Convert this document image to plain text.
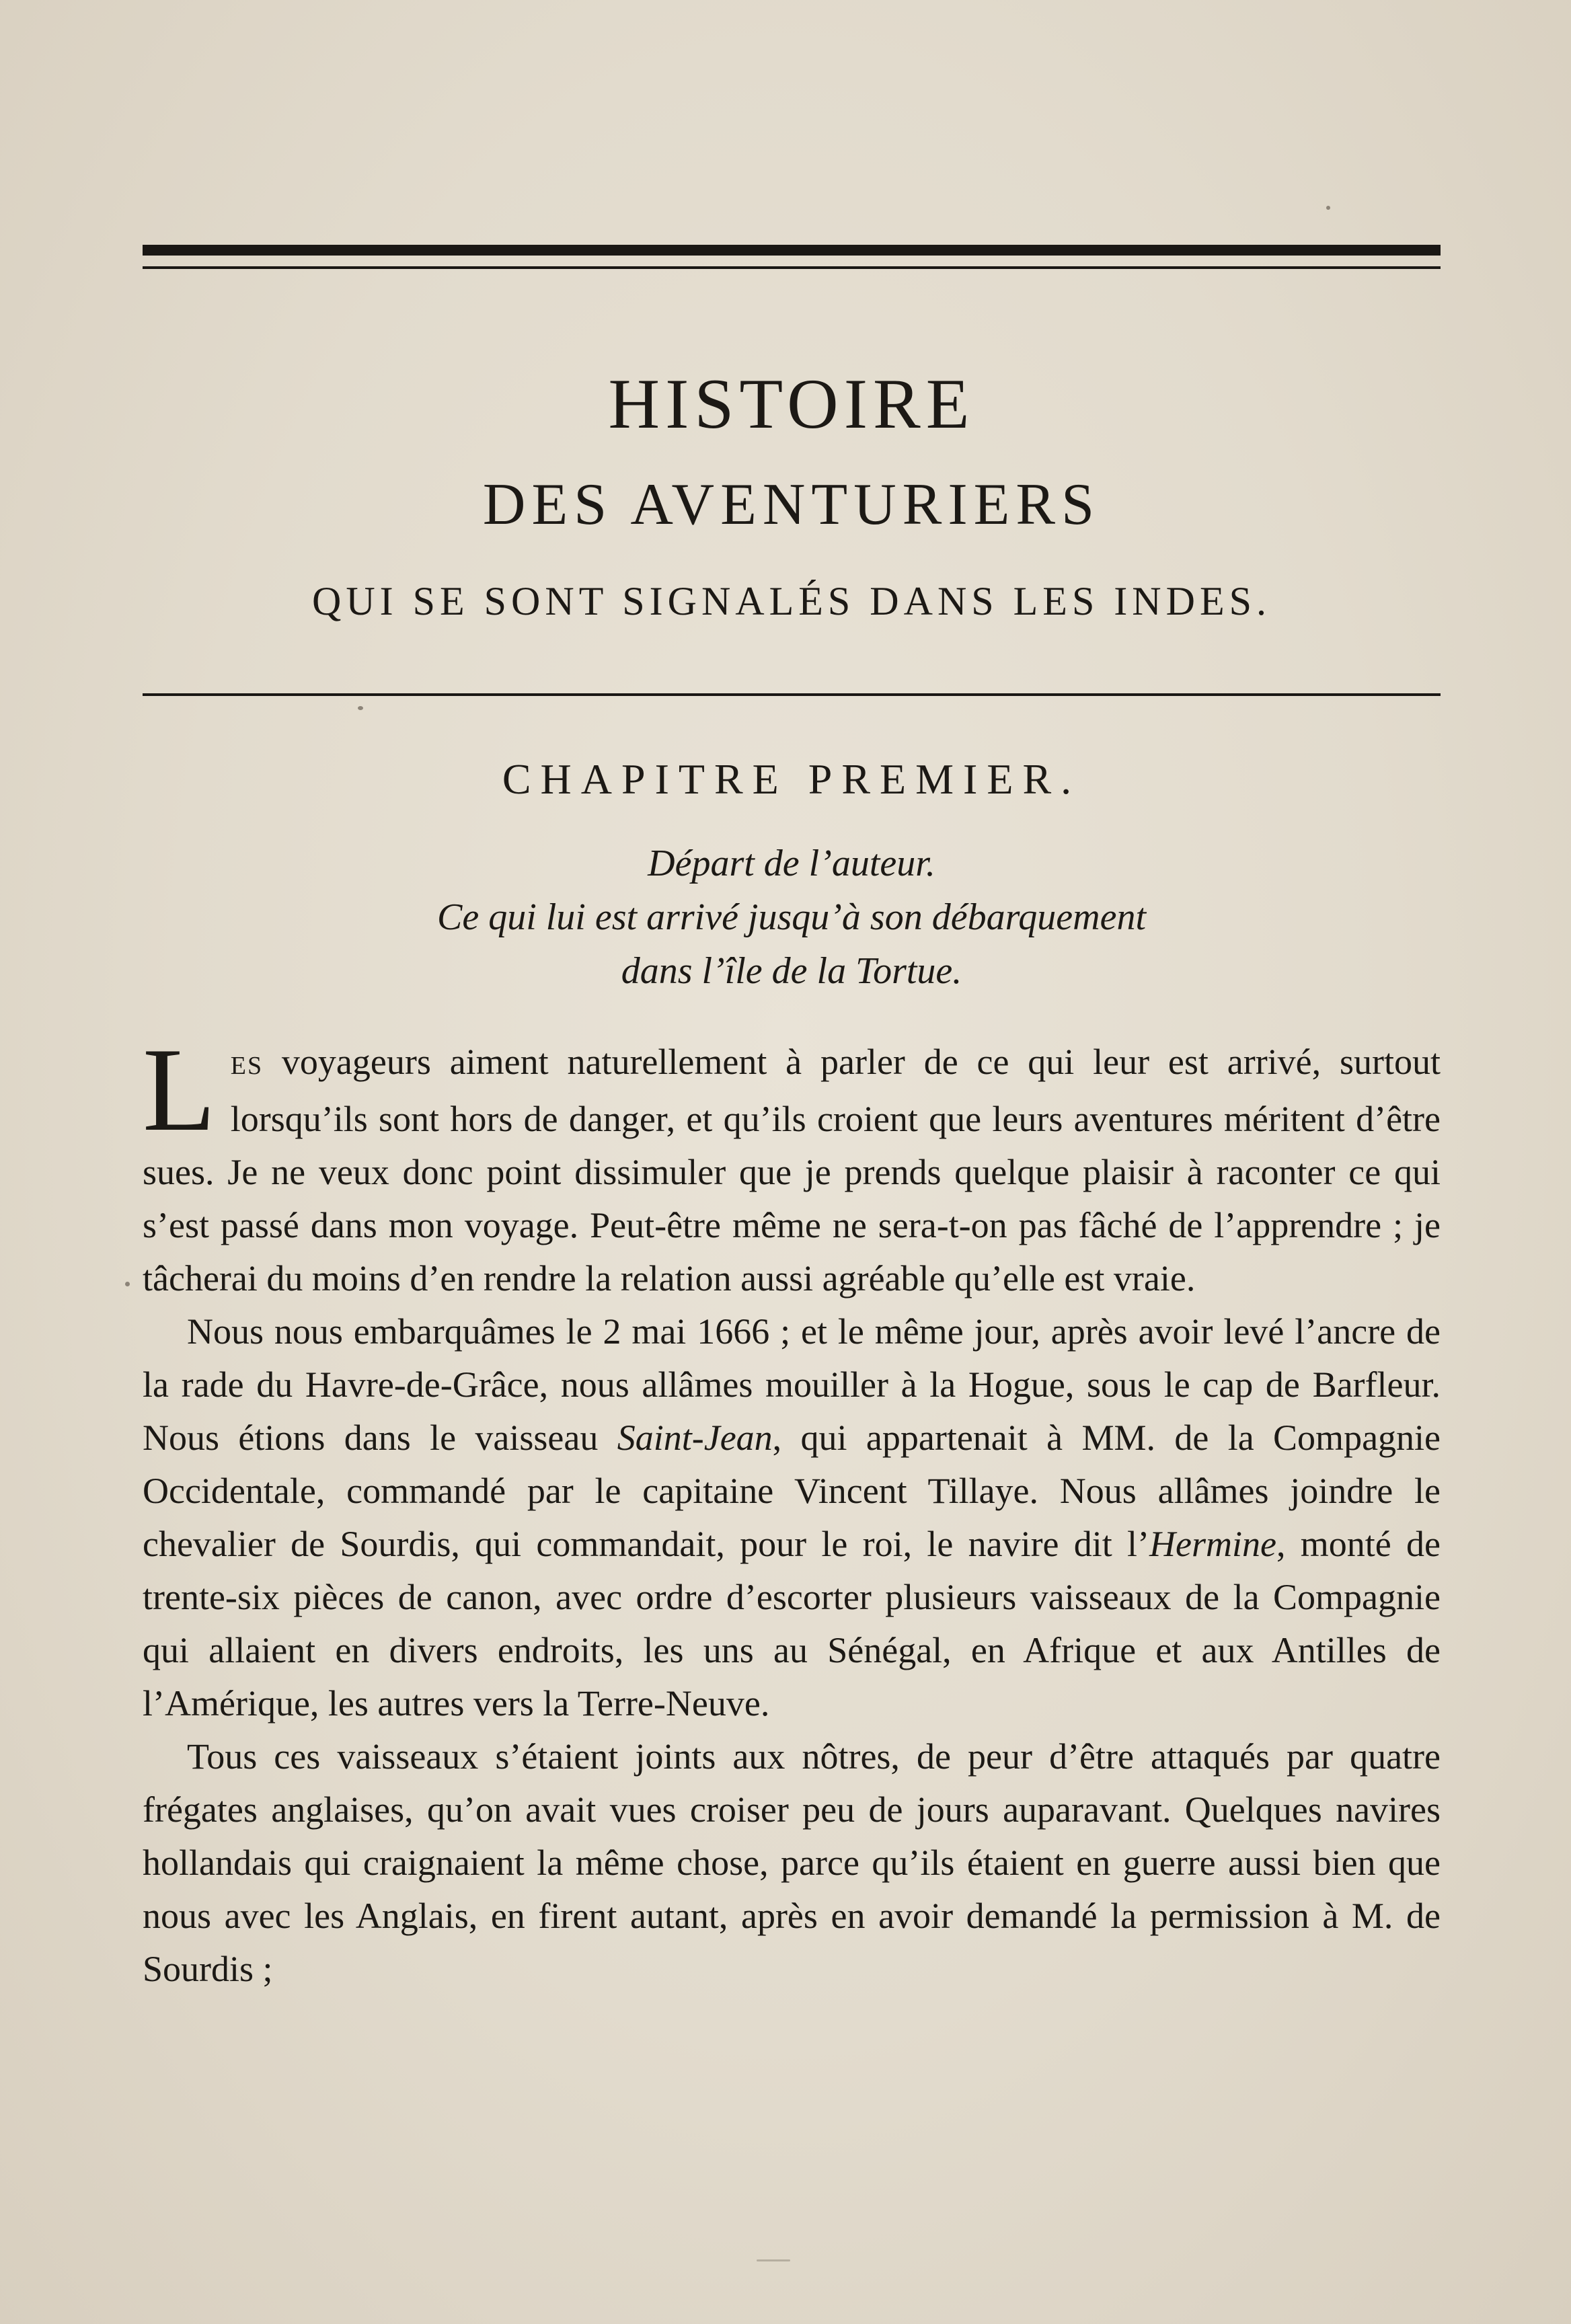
HISTOIRE
DES AVENTURIERS
QUI SE SONT SIGNALÉS DANS LES INDES.
CHAPITRE PREMIER.
Départ de l’auteur.
Ce qui lui est arrivé jusqu’à son débarquement
dans l’île de la Tortue.

LES voyageurs aiment naturellement à parler de ce qui leur est arrivé, surtout lorsqu’ils sont hors de danger, et qu’ils croient que leurs aventures méritent d’être sues. Je ne veux donc point dissimuler que je prends quelque plaisir à raconter ce qui s’est passé dans mon voyage. Peut-être même ne sera-t-on pas fâché de l’apprendre ; je tâcherai du moins d’en rendre la relation aussi agréable qu’elle est vraie.

Nous nous embarquâmes le 2 mai 1666 ; et le même jour, après avoir levé l’ancre de la rade du Havre-de-Grâce, nous allâmes mouiller à la Hogue, sous le cap de Barfleur. Nous étions dans le vaisseau Saint-Jean, qui appartenait à MM. de la Compagnie Occidentale, commandé par le capitaine Vincent Tillaye. Nous allâmes joindre le chevalier de Sourdis, qui commandait, pour le roi, le navire dit l’Hermine, monté de trente-six pièces de canon, avec ordre d’escorter plusieurs vaisseaux de la Compagnie qui allaient en divers endroits, les uns au Sénégal, en Afrique et aux Antilles de l’Amérique, les autres vers la Terre-Neuve.

Tous ces vaisseaux s’étaient joints aux nôtres, de peur d’être attaqués par quatre frégates anglaises, qu’on avait vues croiser peu de jours auparavant. Quelques navires hollandais qui craignaient la même chose, parce qu’ils étaient en guerre aussi bien que nous avec les Anglais, en firent autant, après en avoir demandé la permission à M. de Sourdis ;
